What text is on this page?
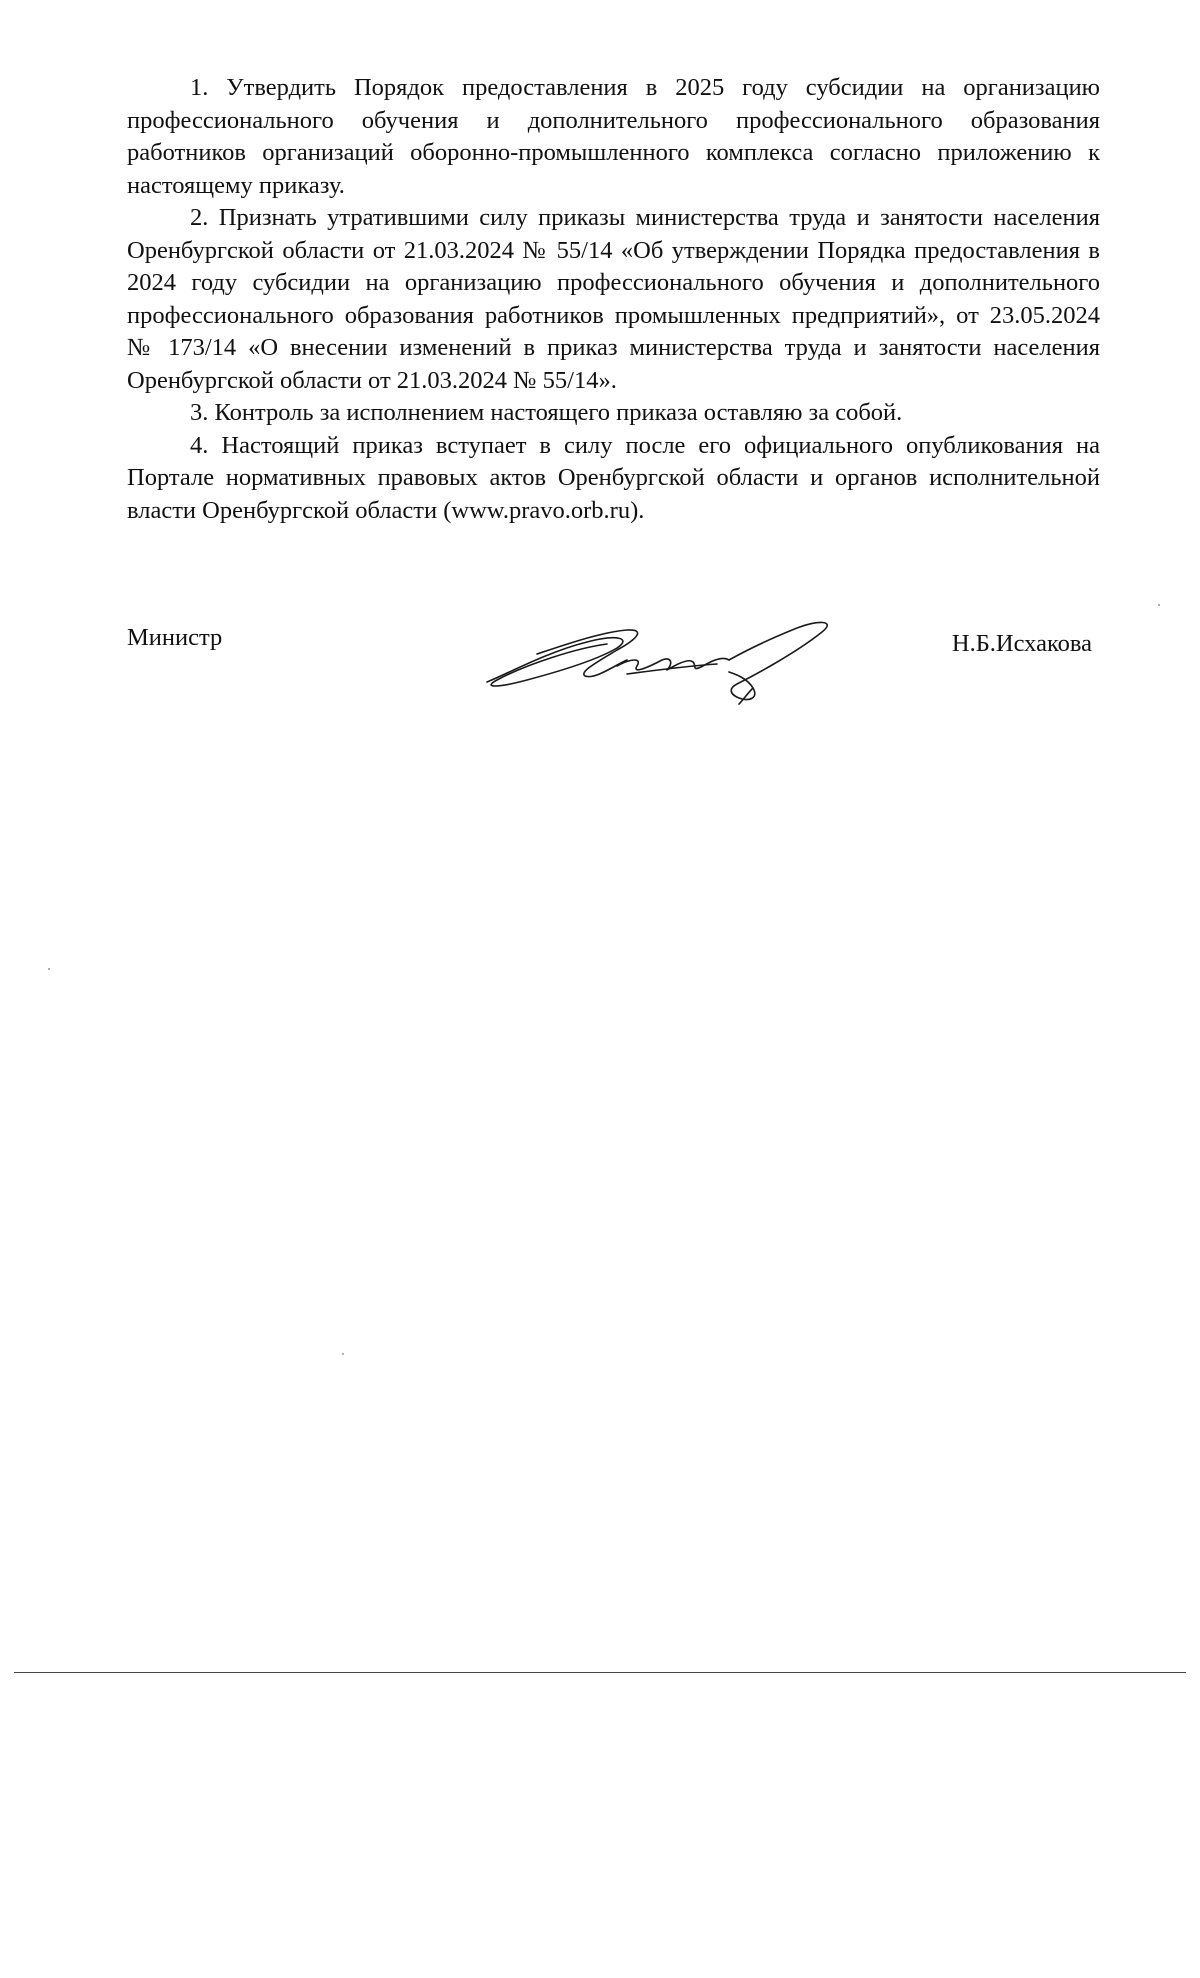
1. Утвердить Порядок предоставления в 2025 году субсидии на организацию профессионального обучения и дополнительного профессионального образования работников организаций оборонно-промышленного комплекса согласно приложению к настоящему приказу.

2. Признать утратившими силу приказы министерства труда и занятости населения Оренбургской области от 21.03.2024 № 55/14 «Об утверждении Порядка предоставления в 2024 году субсидии на организацию профессионального обучения и дополнительного профессионального образования работников промышленных предприятий», от 23.05.2024 № 173/14 «О внесении изменений в приказ министерства труда и занятости населения Оренбургской области от 21.03.2024 № 55/14».

3. Контроль за исполнением настоящего приказа оставляю за собой.

4. Настоящий приказ вступает в силу после его официального опубликования на Портале нормативных правовых актов Оренбургской области и органов исполнительной власти Оренбургской области (www.pravo.orb.ru).

Министр	Н.Б.Исхакова
